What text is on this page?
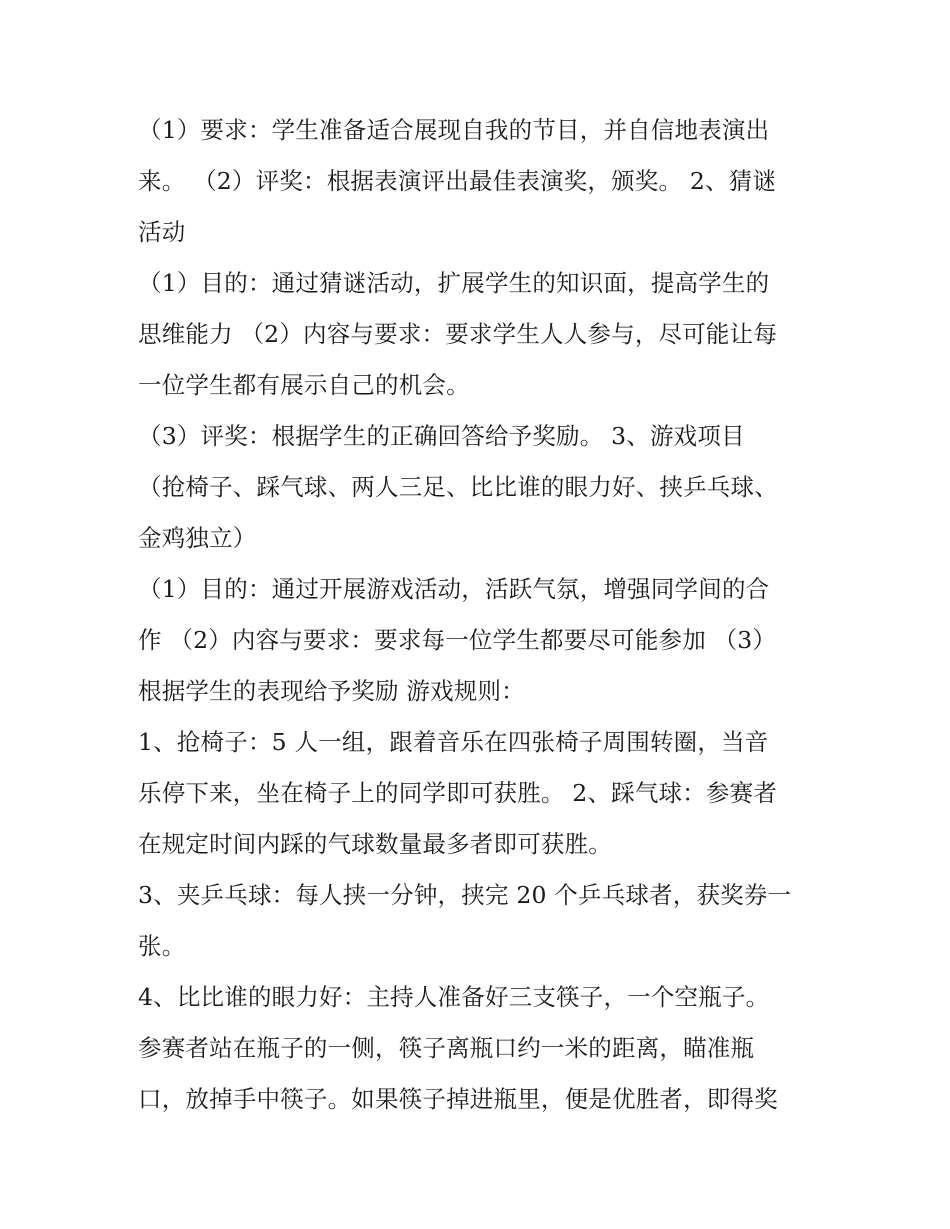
（1）要求：学生准备适合展现自我的节目，并自信地表演出
来。 （2）评奖：根据表演评出最佳表演奖，颁奖。 2、猜谜
活动
（1）目的：通过猜谜活动，扩展学生的知识面，提高学生的
思维能力 （2）内容与要求：要求学生人人参与，尽可能让每
一位学生都有展示自己的机会。
（3）评奖：根据学生的正确回答给予奖励。 3、游戏项目
（抢椅子、踩气球、两人三足、比比谁的眼力好、挟乒乓球、
金鸡独立）
（1）目的：通过开展游戏活动，活跃气氛，增强同学间的合
作 （2）内容与要求：要求每一位学生都要尽可能参加 （3）
根据学生的表现给予奖励 游戏规则：
1、抢椅子：5 人一组，跟着音乐在四张椅子周围转圈，当音
乐停下来，坐在椅子上的同学即可获胜。 2、踩气球：参赛者
在规定时间内踩的气球数量最多者即可获胜。
3、夹乒乓球：每人挟一分钟，挟完 20 个乒乓球者，获奖券一
张。
4、比比谁的眼力好：主持人准备好三支筷子，一个空瓶子。
参赛者站在瓶子的一侧，筷子离瓶口约一米的距离，瞄准瓶
口，放掉手中筷子。如果筷子掉进瓶里，便是优胜者，即得奖
